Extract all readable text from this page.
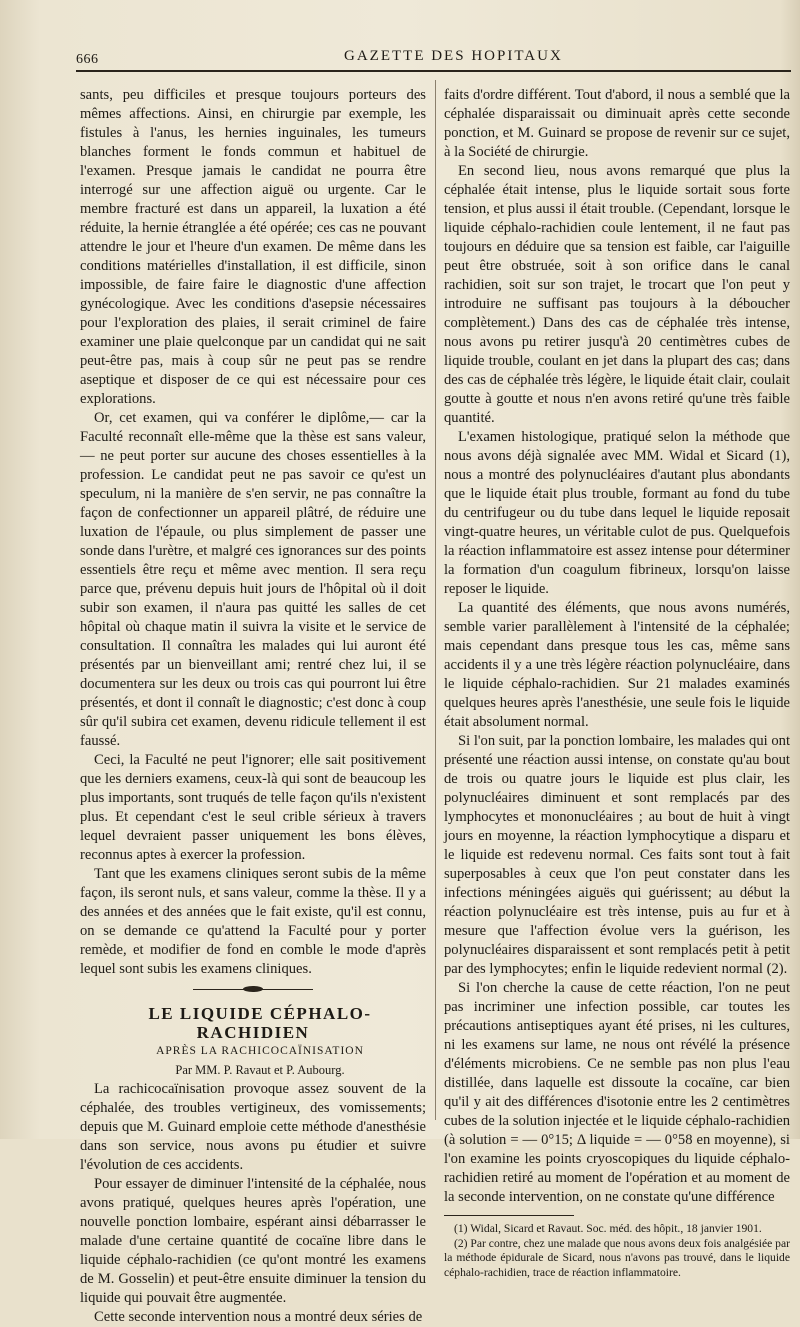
666	GAZETTE DES HOPITAUX

sants, peu difficiles et presque toujours porteurs des mêmes affections. Ainsi, en chirurgie par exemple, les fistules à l'anus, les hernies inguinales, les tumeurs blanches forment le fonds commun et habituel de l'examen. Presque jamais le candidat ne pourra être interrogé sur une affection aiguë ou urgente. Car le membre fracturé est dans un appareil, la luxation a été réduite, la hernie étranglée a été opérée; ces cas ne pouvant attendre le jour et l'heure d'un examen. De même dans les conditions matérielles d'installation, il est difficile, sinon impossible, de faire faire le diagnostic d'une affection gynécologique. Avec les conditions d'asepsie nécessaires pour l'exploration des plaies, il serait criminel de faire examiner une plaie quelconque par un candidat qui ne sait peut-être pas, mais à coup sûr ne peut pas se rendre aseptique et disposer de ce qui est nécessaire pour ces explorations.

Or, cet examen, qui va conférer le diplôme,— car la Faculté reconnaît elle-même que la thèse est sans valeur, — ne peut porter sur aucune des choses essentielles à la profession. Le candidat peut ne pas savoir ce qu'est un speculum, ni la manière de s'en servir, ne pas connaître la façon de confectionner un appareil plâtré, de réduire une luxation de l'épaule, ou plus simplement de passer une sonde dans l'urètre, et malgré ces ignorances sur des points essentiels être reçu et même avec mention. Il sera reçu parce que, prévenu depuis huit jours de l'hôpital où il doit subir son examen, il n'aura pas quitté les salles de cet hôpital où chaque matin il suivra la visite et le service de consultation. Il connaîtra les malades qui lui auront été présentés par un bienveillant ami; rentré chez lui, il se documentera sur les deux ou trois cas qui pourront lui être présentés, et dont il connaît le diagnostic; c'est donc à coup sûr qu'il subira cet examen, devenu ridicule tellement il est faussé.

Ceci, la Faculté ne peut l'ignorer; elle sait positivement que les derniers examens, ceux-là qui sont de beaucoup les plus importants, sont truqués de telle façon qu'ils n'existent plus. Et cependant c'est le seul crible sérieux à travers lequel devraient passer uniquement les bons élèves, reconnus aptes à exercer la profession.

Tant que les examens cliniques seront subis de la même façon, ils seront nuls, et sans valeur, comme la thèse. Il y a des années et des années que le fait existe, qu'il est connu, on se demande ce qu'attend la Faculté pour y porter remède, et modifier de fond en comble le mode d'après lequel sont subis les examens cliniques.

LE LIQUIDE CÉPHALO-RACHIDIEN

APRÈS LA RACHICOCAÏNISATION

Par MM. P. Ravaut et P. Aubourg.

La rachicocaïnisation provoque assez souvent de la céphalée, des troubles vertigineux, des vomissements; depuis que M. Guinard emploie cette méthode d'anesthésie dans son service, nous avons pu étudier et suivre l'évolution de ces accidents.

Pour essayer de diminuer l'intensité de la céphalée, nous avons pratiqué, quelques heures après l'opération, une nouvelle ponction lombaire, espérant ainsi débarrasser le malade d'une certaine quantité de cocaïne libre dans le liquide céphalo-rachidien (ce qu'ont montré les examens de M. Gosselin) et peut-être ensuite diminuer la tension du liquide qui pouvait être augmentée.

Cette seconde intervention nous a montré deux séries de

faits d'ordre différent. Tout d'abord, il nous a semblé que la céphalée disparaissait ou diminuait après cette seconde ponction, et M. Guinard se propose de revenir sur ce sujet, à la Société de chirurgie.

En second lieu, nous avons remarqué que plus la céphalée était intense, plus le liquide sortait sous forte tension, et plus aussi il était trouble. (Cependant, lorsque le liquide céphalo-rachidien coule lentement, il ne faut pas toujours en déduire que sa tension est faible, car l'aiguille peut être obstruée, soit à son orifice dans le canal rachidien, soit sur son trajet, le trocart que l'on peut y introduire ne suffisant pas toujours à la déboucher complètement.) Dans des cas de céphalée très intense, nous avons pu retirer jusqu'à 20 centimètres cubes de liquide trouble, coulant en jet dans la plupart des cas; dans des cas de céphalée très légère, le liquide était clair, coulait goutte à goutte et nous n'en avons retiré qu'une très faible quantité.

L'examen histologique, pratiqué selon la méthode que nous avons déjà signalée avec MM. Widal et Sicard (1), nous a montré des polynucléaires d'autant plus abondants que le liquide était plus trouble, formant au fond du tube du centrifugeur ou du tube dans lequel le liquide reposait vingt-quatre heures, un véritable culot de pus. Quelquefois la réaction inflammatoire est assez intense pour déterminer la formation d'un coagulum fibrineux, lorsqu'on laisse reposer le liquide.

La quantité des éléments, que nous avons numérés, semble varier parallèlement à l'intensité de la céphalée; mais cependant dans presque tous les cas, même sans accidents il y a une très légère réaction polynucléaire, dans le liquide céphalo-rachidien. Sur 21 malades examinés quelques heures après l'anesthésie, une seule fois le liquide était absolument normal.

Si l'on suit, par la ponction lombaire, les malades qui ont présenté une réaction aussi intense, on constate qu'au bout de trois ou quatre jours le liquide est plus clair, les polynucléaires diminuent et sont remplacés par des lymphocytes et mononucléaires ; au bout de huit à vingt jours en moyenne, la réaction lymphocytique a disparu et le liquide est redevenu normal. Ces faits sont tout à fait superposables à ceux que l'on peut constater dans les infections méningées aiguës qui guérissent; au début la réaction polynucléaire est très intense, puis au fur et à mesure que l'affection évolue vers la guérison, les polynucléaires disparaissent et sont remplacés petit à petit par des lymphocytes; enfin le liquide redevient normal (2).

Si l'on cherche la cause de cette réaction, l'on ne peut pas incriminer une infection possible, car toutes les précautions antiseptiques ayant été prises, ni les cultures, ni les examens sur lame, ne nous ont révélé la présence d'éléments microbiens. Ce ne semble pas non plus l'eau distillée, dans laquelle est dissoute la cocaïne, car bien qu'il y ait des différences d'isotonie entre les 2 centimètres cubes de la solution injectée et le liquide céphalo-rachidien (à solution = — 0°15; Δ liquide = — 0°58 en moyenne), si l'on examine les points cryoscopiques du liquide céphalo-rachidien retiré au moment de l'opération et au moment de la seconde intervention, on ne constate qu'une différence

(1) Widal, Sicard et Ravaut. Soc. méd. des hôpit., 18 janvier 1901.

(2) Par contre, chez une malade que nous avons deux fois analgésiée par la méthode épidurale de Sicard, nous n'avons pas trouvé, dans le liquide céphalo-rachidien, trace de réaction inflammatoire.
